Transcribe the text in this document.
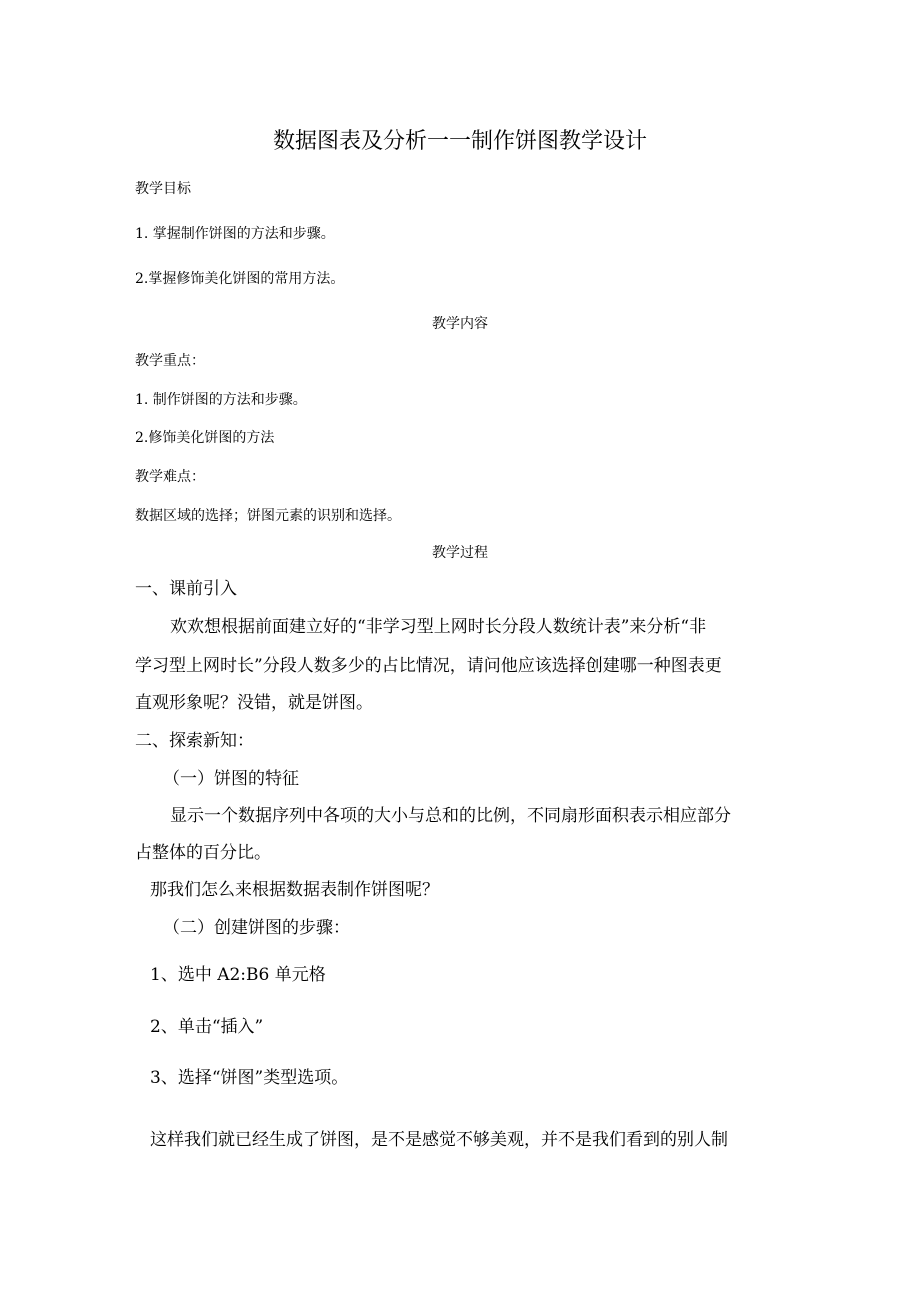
数据图表及分析一一制作饼图教学设计
教学目标
1. 掌握制作饼图的方法和步骤。
2.掌握修饰美化饼图的常用方法。
教学内容
教学重点：
1. 制作饼图的方法和步骤。
2.修饰美化饼图的方法
教学难点：
数据区域的选择；饼图元素的识别和选择。
教学过程
一、课前引入
欢欢想根据前面建立好的“非学习型上网时长分段人数统计表”来分析“非
学习型上网时长”分段人数多少的占比情况，请问他应该选择创建哪一种图表更
直观形象呢？没错，就是饼图。
二、探索新知：
（一）饼图的特征
显示一个数据序列中各项的大小与总和的比例，不同扇形面积表示相应部分
占整体的百分比。
那我们怎么来根据数据表制作饼图呢？
（二）创建饼图的步骤：
1、选中 A2:B6 单元格
2、单击“插入”
3、选择“饼图”类型选项。
这样我们就已经生成了饼图，是不是感觉不够美观，并不是我们看到的别人制
